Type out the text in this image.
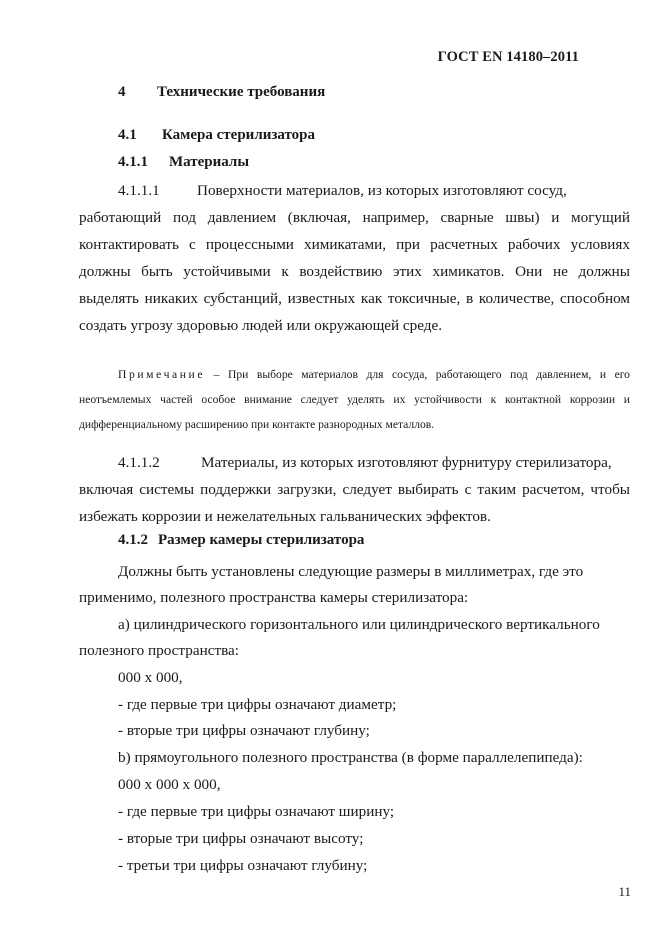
ГОСТ EN 14180–2011
4 Технические требования
4.1 Камера стерилизатора
4.1.1 Материалы
4.1.1.1 Поверхности материалов, из которых изготовляют сосуд,
работающий под давлением (включая, например, сварные швы) и могущий контактировать с процессными химикатами, при расчетных рабочих условиях должны быть устойчивыми к воздействию этих химикатов. Они не должны выделять никаких субстанций, известных как токсичные, в количестве, способном создать угрозу здоровью людей или окружающей среде.
Примечание – При выборе материалов для сосуда, работающего под давлением, и его неотъемлемых частей особое внимание следует уделять их устойчивости к контактной коррозии и дифференциальному расширению при контакте разнородных металлов.
4.1.1.2	Материалы, из которых изготовляют фурнитуру стерилизатора,
включая системы поддержки загрузки, следует выбирать с таким расчетом, чтобы избежать коррозии и нежелательных гальванических эффектов.
4.1.2 Размер камеры стерилизатора
Должны быть установлены следующие размеры в миллиметрах, где это
применимо, полезного пространства камеры стерилизатора:
а) цилиндрического горизонтального или цилиндрического вертикального
полезного пространства:
000 х 000,
- где первые три цифры означают диаметр;
- вторые три цифры означают глубину;
b) прямоугольного полезного пространства (в форме параллелепипеда):
000 х 000 х 000,
- где первые три цифры означают ширину;
- вторые три цифры означают высоту;
- третьи три цифры означают глубину;
11
